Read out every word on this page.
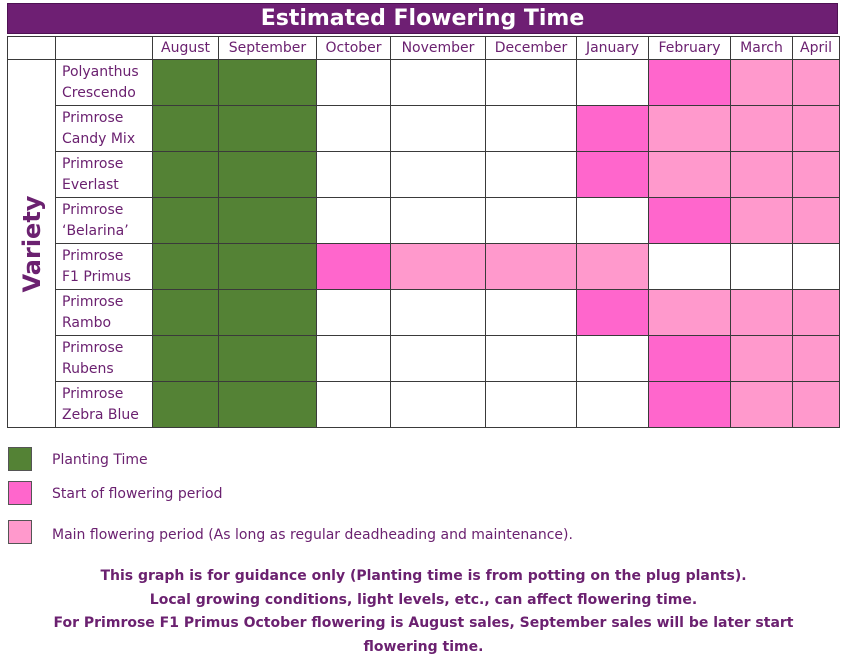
Estimated Flowering Time
		August	September	October	November	December	January	February	March	April

Variety	Polyanthus
Crescendo									

	Primrose
Candy Mix									

	Primrose
Everlast									

	Primrose
‘Belarina’									

	Primrose
F1 Primus									

	Primrose
Rambo									

	Primrose
Rubens									

	Primrose
Zebra Blue									

Planting Time
Start of flowering period
Main flowering period (As long as regular deadheading and maintenance).
This graph is for guidance only (Planting time is from potting on the plug plants).
Local growing conditions, light levels, etc., can affect flowering time.
For Primrose F1 Primus October flowering is August sales, September sales will be later start
flowering time.
